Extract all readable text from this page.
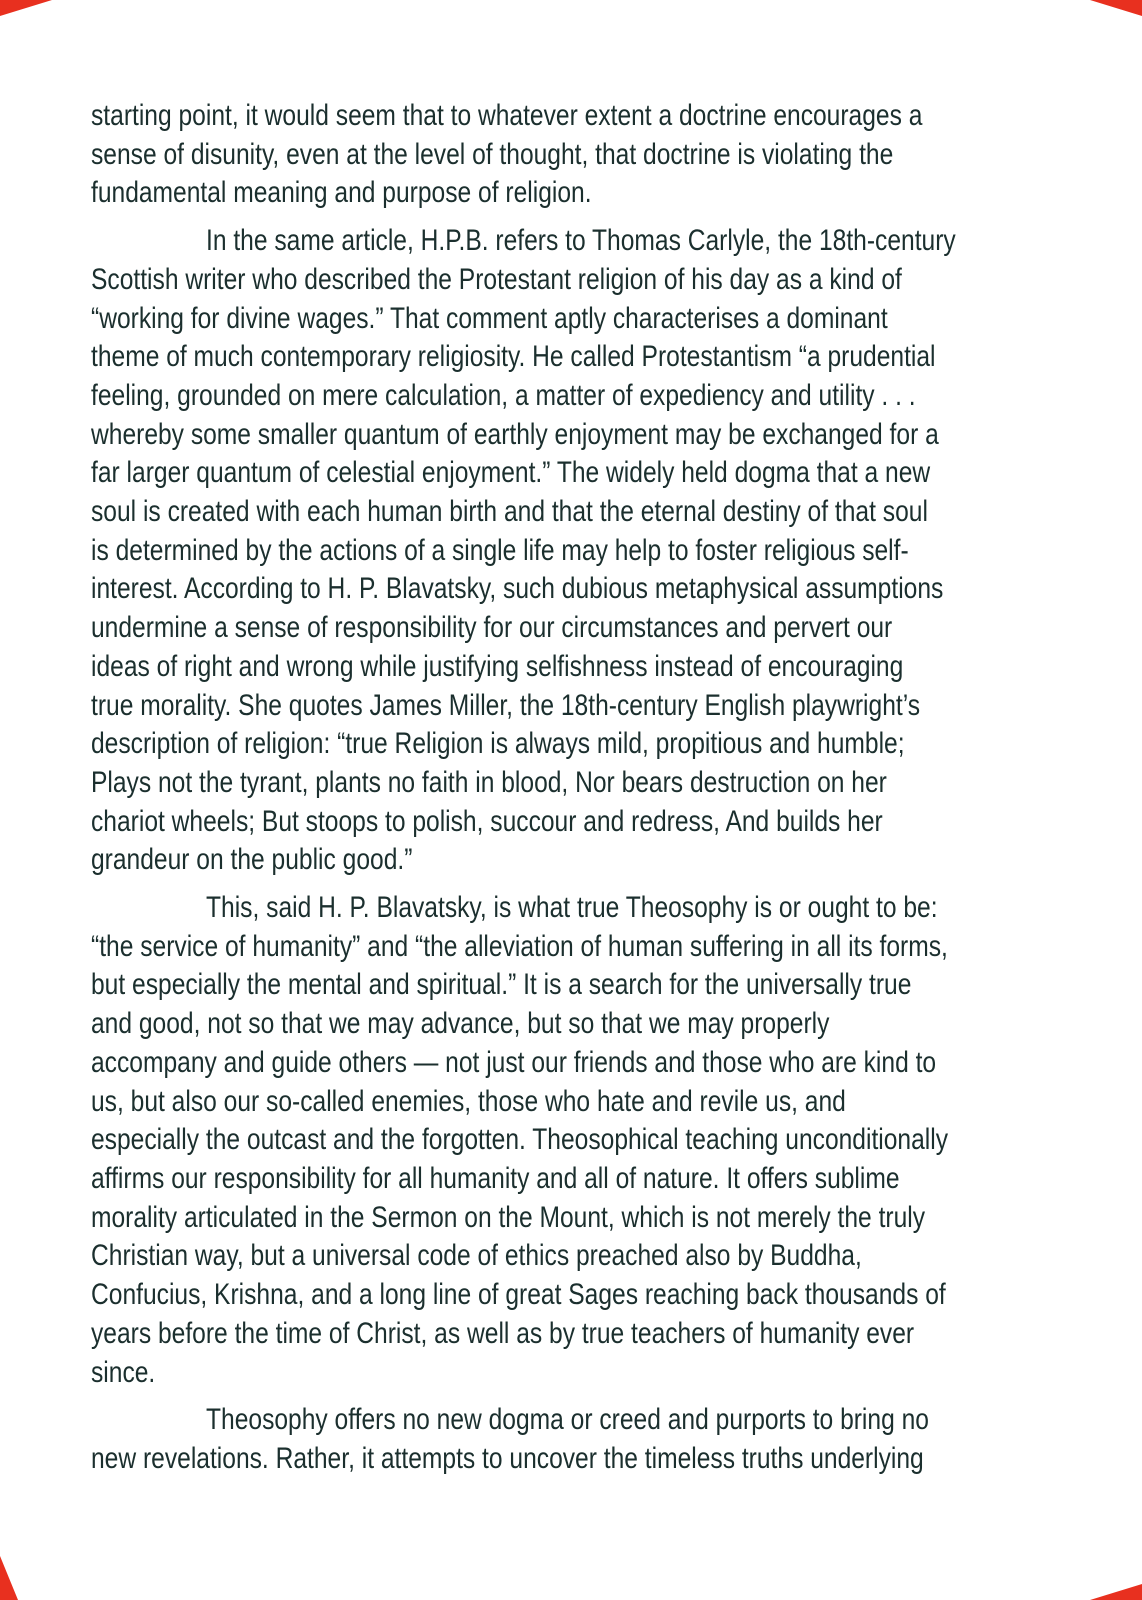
starting point, it would seem that to whatever extent a doctrine encourages a
sense of disunity, even at the level of thought, that doctrine is violating the
fundamental meaning and purpose of religion.
In the same article, H.P.B. refers to Thomas Carlyle, the 18th-century
Scottish writer who described the Protestant religion of his day as a kind of
“working for divine wages.” That comment aptly characterises a dominant
theme of much contemporary religiosity. He called Protestantism “a prudential
feeling, grounded on mere calculation, a matter of expediency and utility . . .
whereby some smaller quantum of earthly enjoyment may be exchanged for a
far larger quantum of celestial enjoyment.” The widely held dogma that a new
soul is created with each human birth and that the eternal destiny of that soul
is determined by the actions of a single life may help to foster religious self-
interest. According to H. P. Blavatsky, such dubious metaphysical assumptions
undermine a sense of responsibility for our circumstances and pervert our
ideas of right and wrong while justifying selfishness instead of encouraging
true morality. She quotes James Miller, the 18th-century English playwright’s
description of religion: “true Religion is always mild, propitious and humble;
Plays not the tyrant, plants no faith in blood, Nor bears destruction on her
chariot wheels; But stoops to polish, succour and redress, And builds her
grandeur on the public good.”
This, said H. P. Blavatsky, is what true Theosophy is or ought to be:
“the service of humanity” and “the alleviation of human suffering in all its forms,
but especially the mental and spiritual.” It is a search for the universally true
and good, not so that we may advance, but so that we may properly
accompany and guide others — not just our friends and those who are kind to
us, but also our so-called enemies, those who hate and revile us, and
especially the outcast and the forgotten. Theosophical teaching unconditionally
affirms our responsibility for all humanity and all of nature. It offers sublime
morality articulated in the Sermon on the Mount, which is not merely the truly
Christian way, but a universal code of ethics preached also by Buddha,
Confucius, Krishna, and a long line of great Sages reaching back thousands of
years before the time of Christ, as well as by true teachers of humanity ever
since.
Theosophy offers no new dogma or creed and purports to bring no
new revelations. Rather, it attempts to uncover the timeless truths underlying
